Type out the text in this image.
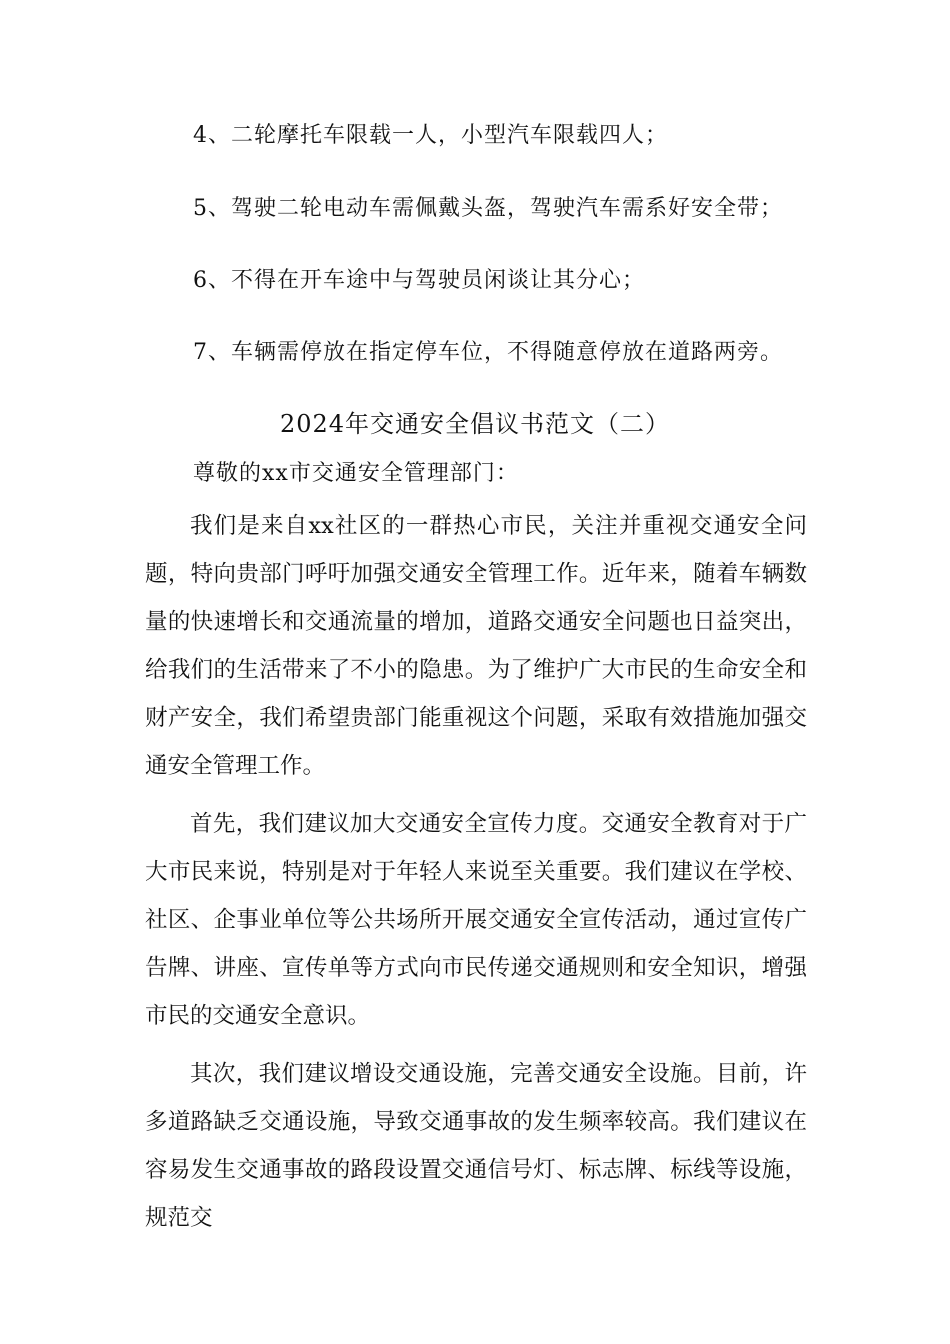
4、二轮摩托车限载一人，小型汽车限载四人；
5、驾驶二轮电动车需佩戴头盔，驾驶汽车需系好安全带；
6、不得在开车途中与驾驶员闲谈让其分心；
7、车辆需停放在指定停车位，不得随意停放在道路两旁。
2024年交通安全倡议书范文（二）
尊敬的xx市交通安全管理部门：

我们是来自xx社区的一群热心市民，关注并重视交通安全问题，特向贵部门呼吁加强交通安全管理工作。近年来，随着车辆数量的快速增长和交通流量的增加，道路交通安全问题也日益突出，给我们的生活带来了不小的隐患。为了维护广大市民的生命安全和财产安全，我们希望贵部门能重视这个问题，采取有效措施加强交通安全管理工作。

首先，我们建议加大交通安全宣传力度。交通安全教育对于广大市民来说，特别是对于年轻人来说至关重要。我们建议在学校、社区、企事业单位等公共场所开展交通安全宣传活动，通过宣传广告牌、讲座、宣传单等方式向市民传递交通规则和安全知识，增强市民的交通安全意识。

其次，我们建议增设交通设施，完善交通安全设施。目前，许多道路缺乏交通设施，导致交通事故的发生频率较高。我们建议在容易发生交通事故的路段设置交通信号灯、标志牌、标线等设施，规范交
